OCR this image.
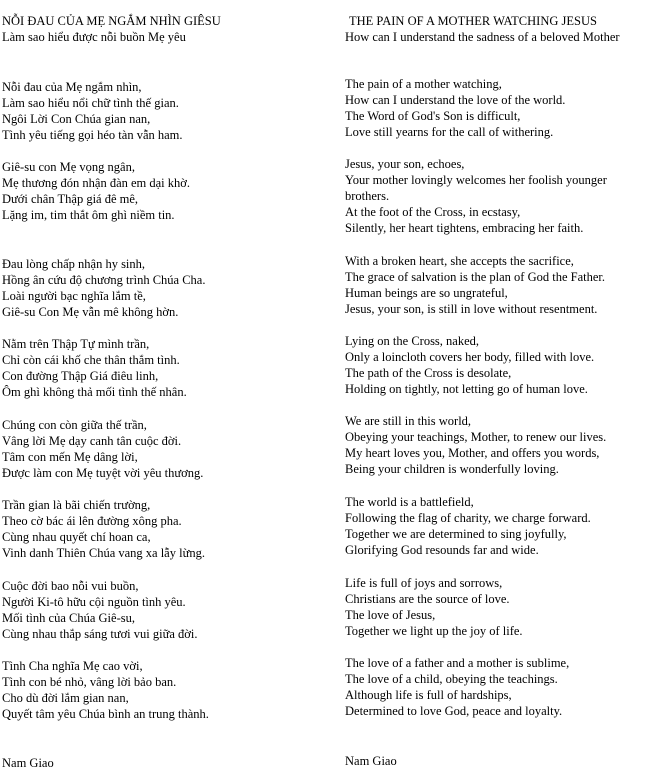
NỖI ĐAU CỦA MẸ NGẮM NHÌN GIÊSU

Làm sao hiểu được nỗi buồn Mẹ yêu

Nỗi đau của Mẹ ngắm nhìn,
Làm sao hiểu nổi chữ tình thế gian.
Ngôi Lời Con Chúa gian nan,
Tình yêu tiếng gọi héo tàn vẫn ham.
Giê-su con Mẹ vọng ngân,
Mẹ thương đón nhận đàn em dại khờ.
Dưới chân Thập giá đê mê,
Lặng im, tim thắt ôm ghì niềm tin.
Đau lòng chấp nhận hy sinh,
Hồng ân cứu độ chương trình Chúa Cha.
Loài người bạc nghĩa lắm tề,
Giê-su Con Mẹ vẫn mê không hờn.
Nằm trên Thập Tự mình trần,
Chỉ còn cái khố che thân thắm tình.
Con đường Thập Giá điêu linh,
Ôm ghì không thả mối tình thế nhân.
Chúng con còn giữa thế trần,
Vâng lời Mẹ dạy canh tân cuộc đời.
Tâm con mến Mẹ dâng lời,
Được làm con Mẹ tuyệt vời yêu thương.
Trần gian là bãi chiến trường,
Theo cờ bác ái lên đường xông pha.
Cùng nhau quyết chí hoan ca,
Vinh danh Thiên Chúa vang xa lẫy lừng.
Cuộc đời bao nỗi vui buồn,
Người Ki-tô hữu cội nguồn tình yêu.
Mối tình của Chúa Giê-su,
Cùng nhau thắp sáng tươi vui giữa đời.
Tình Cha nghĩa Mẹ cao vời,
Tình con bé nhỏ, vâng lời bảo ban.
Cho dù đời lắm gian nan,
Quyết tâm yêu Chúa bình an trung thành.
Nam Giao
THE PAIN OF A MOTHER WATCHING JESUS

How can I understand the sadness of a beloved Mother

The pain of a mother watching,
How can I understand the love of the world.
The Word of God's Son is difficult,
Love still yearns for the call of withering.
Jesus, your son, echoes,
Your mother lovingly welcomes her foolish younger brothers.
At the foot of the Cross, in ecstasy,
Silently, her heart tightens, embracing her faith.
With a broken heart, she accepts the sacrifice,
The grace of salvation is the plan of God the Father.
Human beings are so ungrateful,
Jesus, your son, is still in love without resentment.
Lying on the Cross, naked,
Only a loincloth covers her body, filled with love.
The path of the Cross is desolate,
Holding on tightly, not letting go of human love.
We are still in this world,
Obeying your teachings, Mother, to renew our lives.
My heart loves you, Mother, and offers you words,
Being your children is wonderfully loving.
The world is a battlefield,
Following the flag of charity, we charge forward.
Together we are determined to sing joyfully,
Glorifying God resounds far and wide.
Life is full of joys and sorrows,
Christians are the source of love.
The love of Jesus,
Together we light up the joy of life.
The love of a father and a mother is sublime,
The love of a child, obeying the teachings.
Although life is full of hardships,
Determined to love God, peace and loyalty.
Nam Giao
